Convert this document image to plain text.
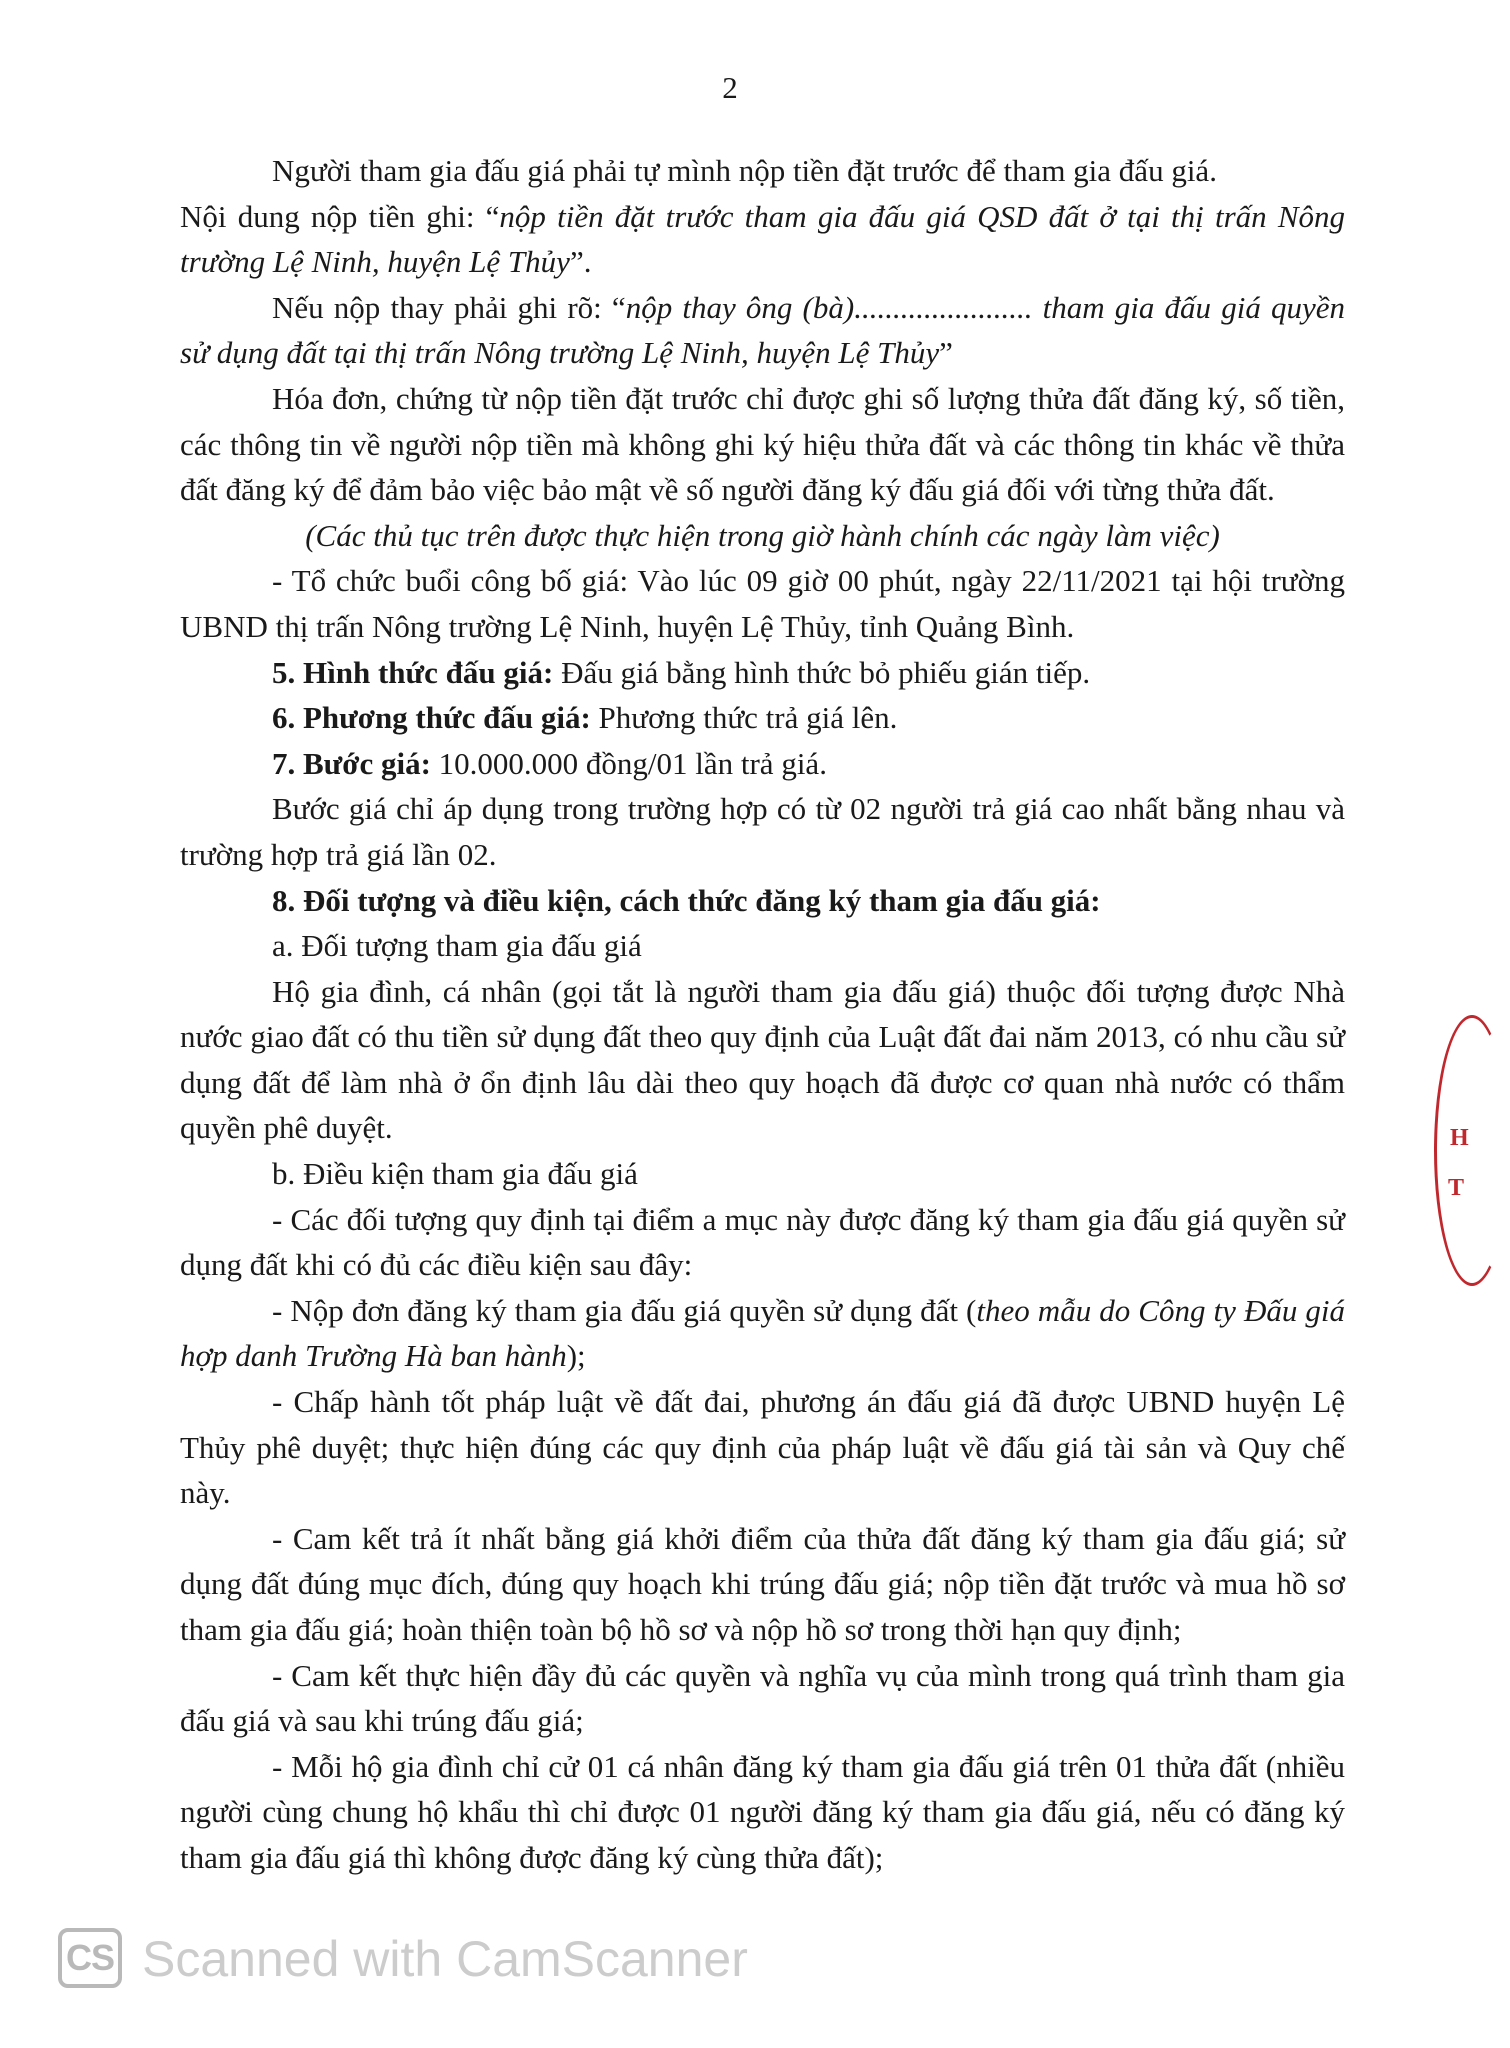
2

Người tham gia đấu giá phải tự mình nộp tiền đặt trước để tham gia đấu giá.

Nội dung nộp tiền ghi: “nộp tiền đặt trước tham gia đấu giá QSD đất ở tại thị trấn Nông trường Lệ Ninh, huyện Lệ Thủy”.

Nếu nộp thay phải ghi rõ: “nộp thay ông (bà)....................... tham gia đấu giá quyền sử dụng đất tại thị trấn Nông trường Lệ Ninh, huyện Lệ Thủy”

Hóa đơn, chứng từ nộp tiền đặt trước chỉ được ghi số lượng thửa đất đăng ký, số tiền, các thông tin về người nộp tiền mà không ghi ký hiệu thửa đất và các thông tin khác về thửa đất đăng ký để đảm bảo việc bảo mật về số người đăng ký đấu giá đối với từng thửa đất.

(Các thủ tục trên được thực hiện trong giờ hành chính các ngày làm việc)

- Tổ chức buổi công bố giá: Vào lúc 09 giờ 00 phút, ngày 22/11/2021 tại hội trường UBND thị trấn Nông trường Lệ Ninh, huyện Lệ Thủy, tỉnh Quảng Bình.

5. Hình thức đấu giá: Đấu giá bằng hình thức bỏ phiếu gián tiếp.

6. Phương thức đấu giá: Phương thức trả giá lên.

7. Bước giá: 10.000.000 đồng/01 lần trả giá.

Bước giá chỉ áp dụng trong trường hợp có từ 02 người trả giá cao nhất bằng nhau và trường hợp trả giá lần 02.

8. Đối tượng và điều kiện, cách thức đăng ký tham gia đấu giá:

a. Đối tượng tham gia đấu giá

Hộ gia đình, cá nhân (gọi tắt là người tham gia đấu giá) thuộc đối tượng được Nhà nước giao đất có thu tiền sử dụng đất theo quy định của Luật đất đai năm 2013, có nhu cầu sử dụng đất để làm nhà ở ổn định lâu dài theo quy hoạch đã được cơ quan nhà nước có thẩm quyền phê duyệt.

b. Điều kiện tham gia đấu giá

- Các đối tượng quy định tại điểm a mục này được đăng ký tham gia đấu giá quyền sử dụng đất khi có đủ các điều kiện sau đây:

- Nộp đơn đăng ký tham gia đấu giá quyền sử dụng đất (theo mẫu do Công ty Đấu giá hợp danh Trường Hà ban hành);

- Chấp hành tốt pháp luật về đất đai, phương án đấu giá đã được UBND huyện Lệ Thủy phê duyệt; thực hiện đúng các quy định của pháp luật về đấu giá tài sản và Quy chế này.

- Cam kết trả ít nhất bằng giá khởi điểm của thửa đất đăng ký tham gia đấu giá; sử dụng đất đúng mục đích, đúng quy hoạch khi trúng đấu giá; nộp tiền đặt trước và mua hồ sơ tham gia đấu giá; hoàn thiện toàn bộ hồ sơ và nộp hồ sơ trong thời hạn quy định;

- Cam kết thực hiện đầy đủ các quyền và nghĩa vụ của mình trong quá trình tham gia đấu giá và sau khi trúng đấu giá;

- Mỗi hộ gia đình chỉ cử 01 cá nhân đăng ký tham gia đấu giá trên 01 thửa đất (nhiều người cùng chung hộ khẩu thì chỉ được 01 người đăng ký tham gia đấu giá, nếu có đăng ký tham gia đấu giá thì không được đăng ký cùng thửa đất);

H
T
CS Scanned with CamScanner
